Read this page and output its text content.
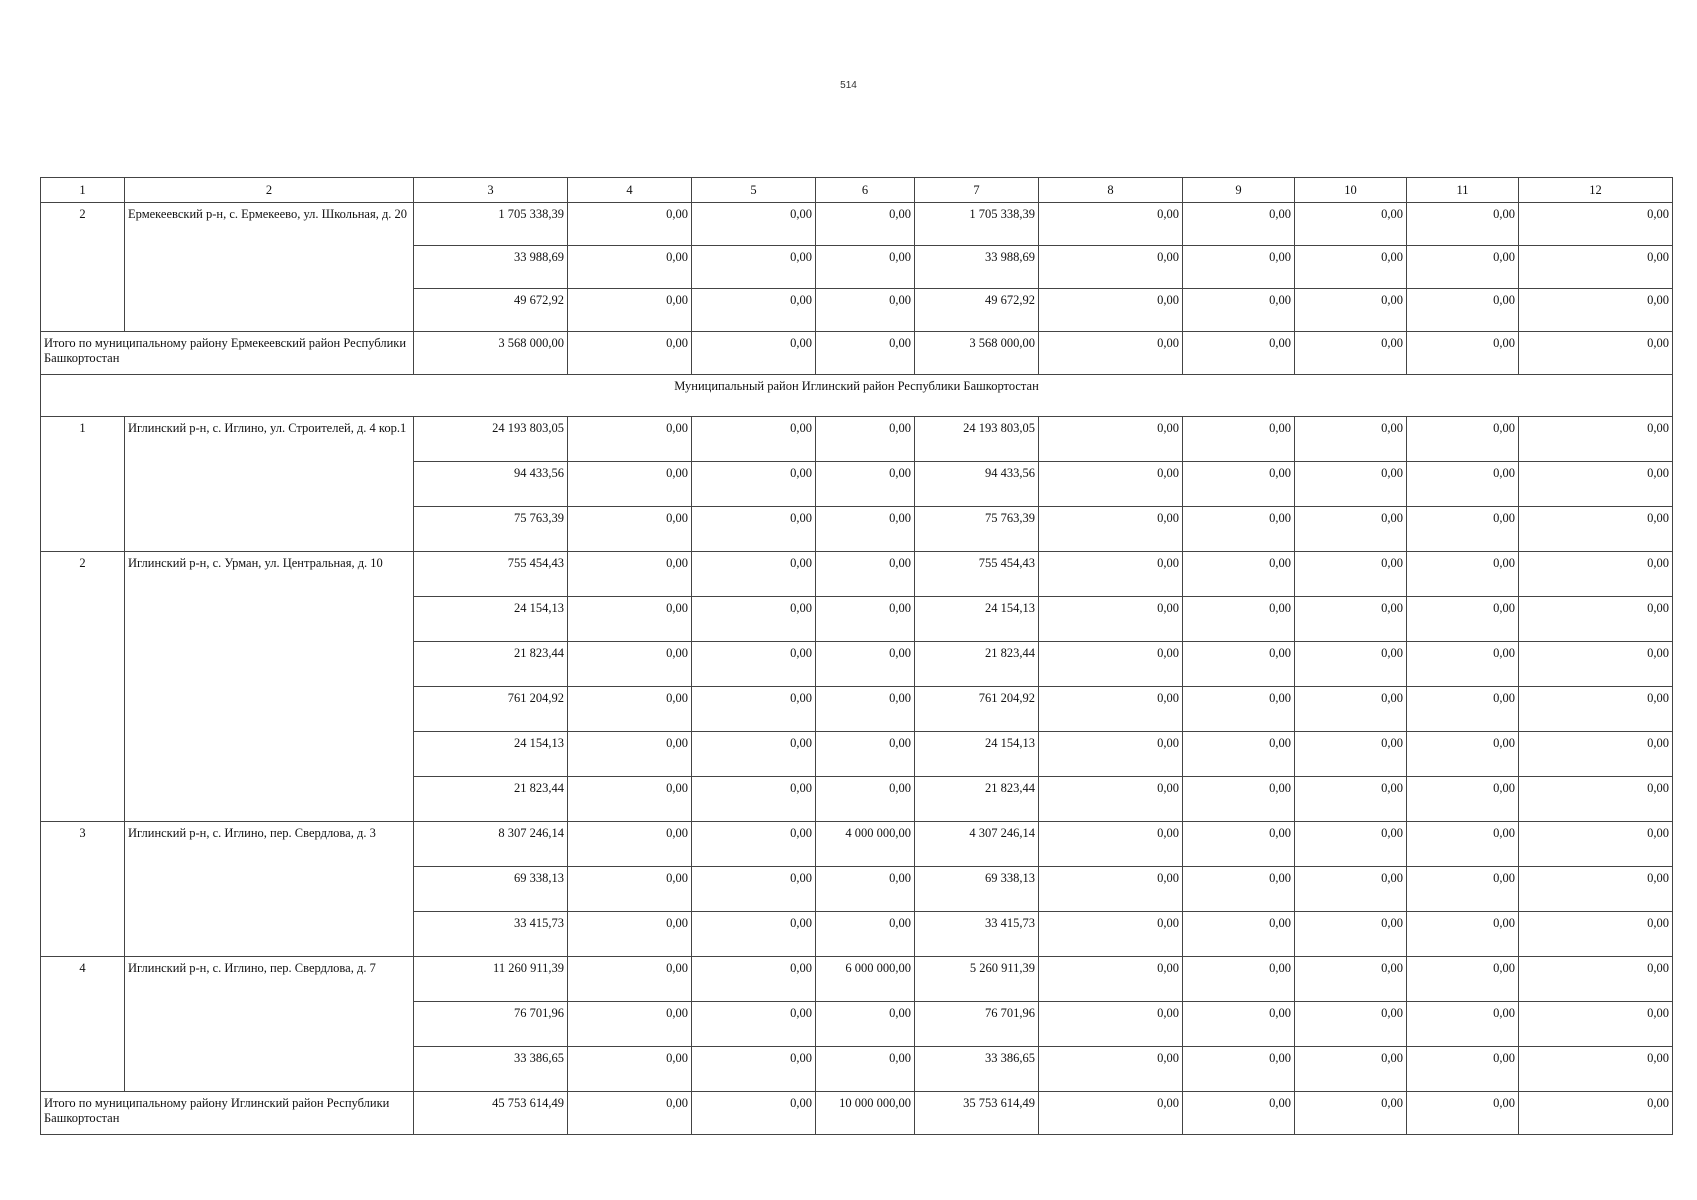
514
1	2	3	4	5	6	7	8	9	10	11	12
2	Ермекеевский р-н, с. Ермекеево, ул. Школьная, д. 20	1 705 338,39	0,00	0,00	0,00	1 705 338,39	0,00	0,00	0,00	0,00	0,00
		33 988,69	0,00	0,00	0,00	33 988,69	0,00	0,00	0,00	0,00	0,00
		49 672,92	0,00	0,00	0,00	49 672,92	0,00	0,00	0,00	0,00	0,00
Итого по муниципальному району Ермекеевский район Республики Башкортостан		3 568 000,00	0,00	0,00	0,00	3 568 000,00	0,00	0,00	0,00	0,00	0,00
Муниципальный район Иглинский район Республики Башкортостан											
1	Иглинский р-н, с. Иглино, ул. Строителей, д. 4 кор.1	24 193 803,05	0,00	0,00	0,00	24 193 803,05	0,00	0,00	0,00	0,00	0,00
		94 433,56	0,00	0,00	0,00	94 433,56	0,00	0,00	0,00	0,00	0,00
		75 763,39	0,00	0,00	0,00	75 763,39	0,00	0,00	0,00	0,00	0,00
2	Иглинский р-н, с. Урман, ул. Центральная, д. 10	755 454,43	0,00	0,00	0,00	755 454,43	0,00	0,00	0,00	0,00	0,00
		24 154,13	0,00	0,00	0,00	24 154,13	0,00	0,00	0,00	0,00	0,00
		21 823,44	0,00	0,00	0,00	21 823,44	0,00	0,00	0,00	0,00	0,00
		761 204,92	0,00	0,00	0,00	761 204,92	0,00	0,00	0,00	0,00	0,00
		24 154,13	0,00	0,00	0,00	24 154,13	0,00	0,00	0,00	0,00	0,00
		21 823,44	0,00	0,00	0,00	21 823,44	0,00	0,00	0,00	0,00	0,00
3	Иглинский р-н, с. Иглино, пер. Свердлова, д. 3	8 307 246,14	0,00	0,00	4 000 000,00	4 307 246,14	0,00	0,00	0,00	0,00	0,00
		69 338,13	0,00	0,00	0,00	69 338,13	0,00	0,00	0,00	0,00	0,00
		33 415,73	0,00	0,00	0,00	33 415,73	0,00	0,00	0,00	0,00	0,00
4	Иглинский р-н, с. Иглино, пер. Свердлова, д. 7	11 260 911,39	0,00	0,00	6 000 000,00	5 260 911,39	0,00	0,00	0,00	0,00	0,00
		76 701,96	0,00	0,00	0,00	76 701,96	0,00	0,00	0,00	0,00	0,00
		33 386,65	0,00	0,00	0,00	33 386,65	0,00	0,00	0,00	0,00	0,00
Итого по муниципальному району Иглинский район Республики Башкортостан		45 753 614,49	0,00	0,00	10 000 000,00	35 753 614,49	0,00	0,00	0,00	0,00	0,00
